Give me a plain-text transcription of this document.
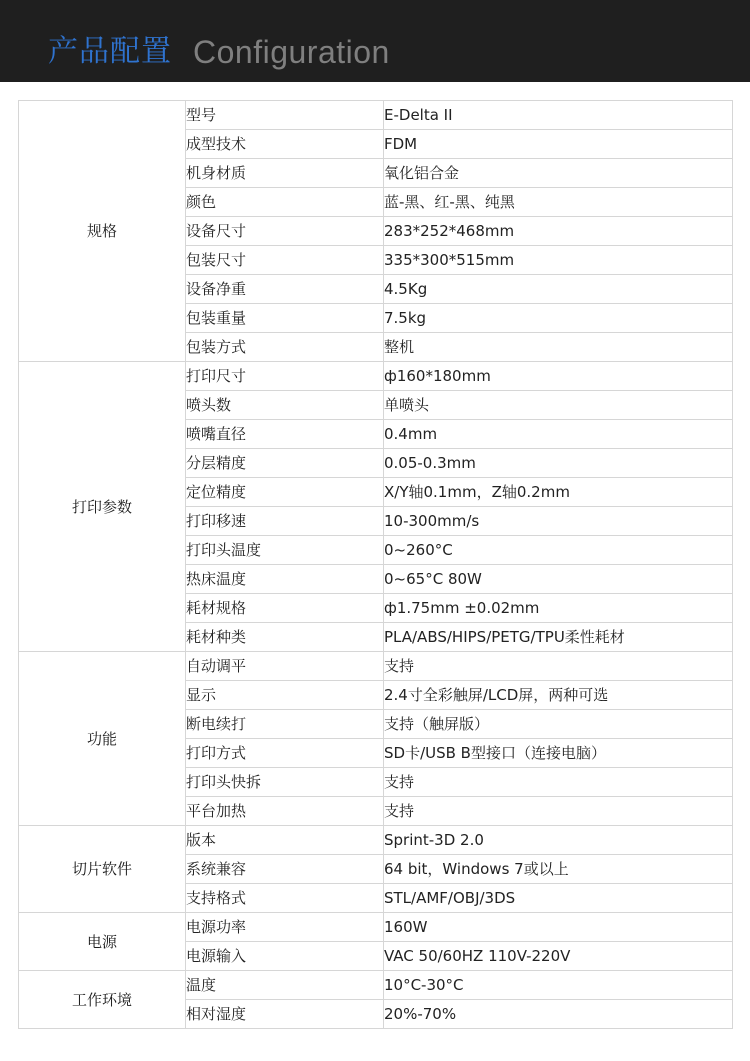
产品配置 Configuration
规格	型号	E-Delta II
	成型技术	FDM
	机身材质	氧化铝合金
	颜色	蓝-黑、红-黑、纯黑
	设备尺寸	283*252*468mm
	包装尺寸	335*300*515mm
	设备净重	4.5Kg
	包装重量	7.5kg
	包装方式	整机
打印参数	打印尺寸	ф160*180mm
	喷头数	单喷头
	喷嘴直径	0.4mm
	分层精度	0.05-0.3mm
	定位精度	X/Y轴0.1mm，Z轴0.2mm
	打印移速	10-300mm/s
	打印头温度	0~260°C
	热床温度	0~65°C 80W
	耗材规格	ф1.75mm ±0.02mm
	耗材种类	PLA/ABS/HIPS/PETG/TPU柔性耗材
功能	自动调平	支持
	显示	2.4寸全彩触屏/LCD屏，两种可选
	断电续打	支持（触屏版）
	打印方式	SD卡/USB B型接口（连接电脑）
	打印头快拆	支持
	平台加热	支持
切片软件	版本	Sprint-3D 2.0
	系统兼容	64 bit，Windows 7或以上
	支持格式	STL/AMF/OBJ/3DS
电源	电源功率	160W
	电源输入	VAC 50/60HZ 110V-220V
工作环境	温度	10°C-30°C
	相对湿度	20%-70%
